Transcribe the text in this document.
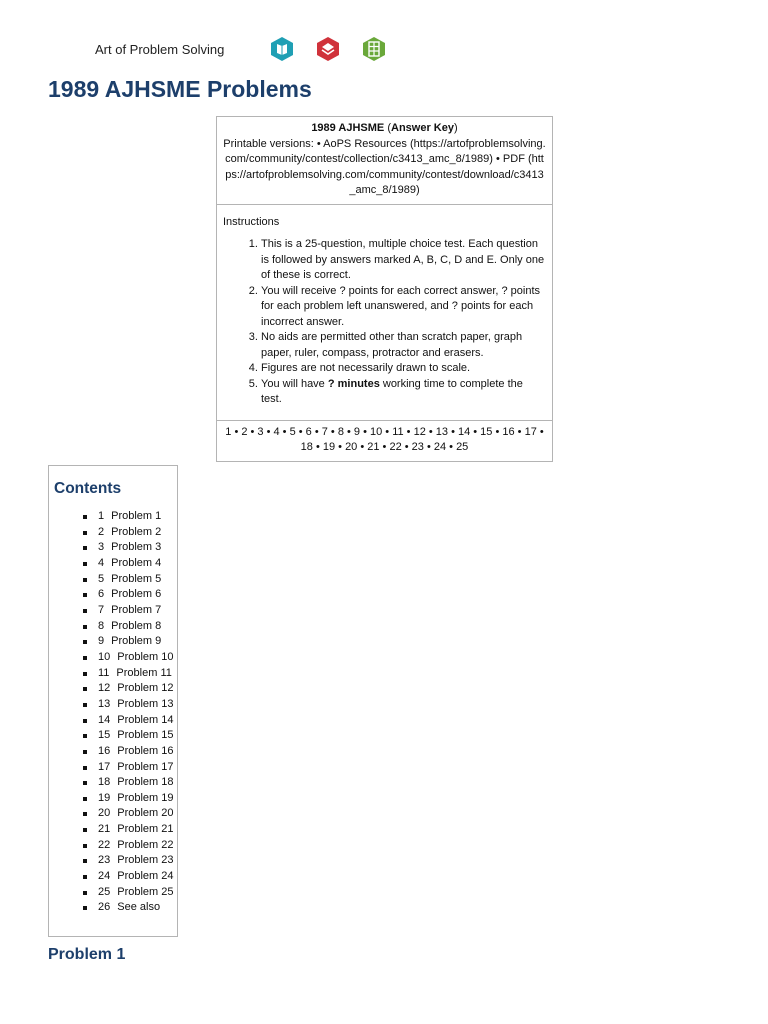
Art of Problem Solving
1989 AJHSME Problems
1989 AJHSME (Answer Key)
Printable versions: • AoPS Resources (https://artofproblemsolving.com/community/contest/collection/c3413_amc_8/1989) • PDF (https://artofproblemsolving.com/community/contest/download/c3413_amc_8/1989)
Instructions
1. This is a 25-question, multiple choice test. Each question is followed by answers marked A, B, C, D and E. Only one of these is correct.
2. You will receive ? points for each correct answer, ? points for each problem left unanswered, and ? points for each incorrect answer.
3. No aids are permitted other than scratch paper, graph paper, ruler, compass, protractor and erasers.
4. Figures are not necessarily drawn to scale.
5. You will have ? minutes working time to complete the test.
1 • 2 • 3 • 4 • 5 • 6 • 7 • 8 • 9 • 10 • 11 • 12 • 13 • 14 • 15 • 16 • 17 • 18 • 19 • 20 • 21 • 22 • 23 • 24 • 25
Contents
1 Problem 1
2 Problem 2
3 Problem 3
4 Problem 4
5 Problem 5
6 Problem 6
7 Problem 7
8 Problem 8
9 Problem 9
10 Problem 10
11 Problem 11
12 Problem 12
13 Problem 13
14 Problem 14
15 Problem 15
16 Problem 16
17 Problem 17
18 Problem 18
19 Problem 19
20 Problem 20
21 Problem 21
22 Problem 22
23 Problem 23
24 Problem 24
25 Problem 25
26 See also
Problem 1
